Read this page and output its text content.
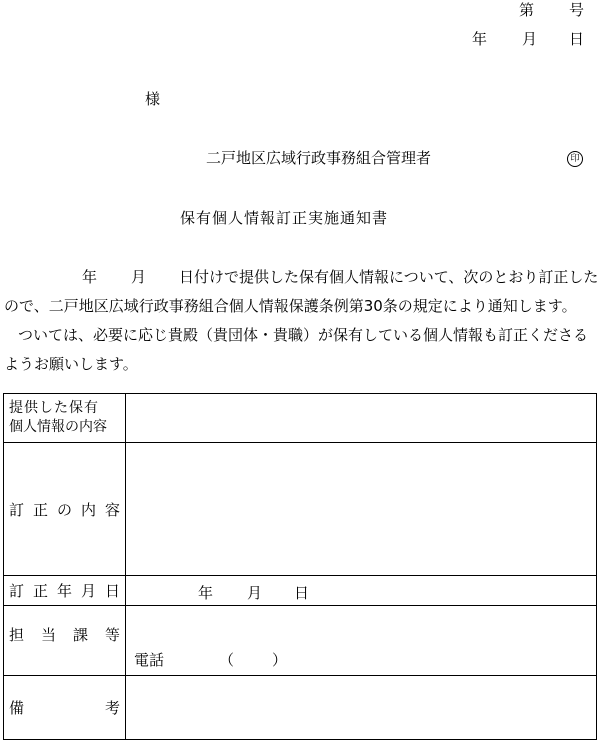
第 号
年 月 日
様
二戸地区広域行政事務組合管理者	印
保有個人情報訂正実施通知書
年 月 日付けで提供した保有個人情報について、次のとおり訂正した
ので、二戸地区広域行政事務組合個人情報保護条例第30条の規定により通知します。
ついては、必要に応じ貴殿（貴団体・貴職）が保有している個人情報も訂正くださる
ようお願いします。
提供した保有
個人情報の内容	

訂 正 の 内 容	

訂 正 年 月 日	年 月 日

担 当 課 等	電話 （ ）

備 考	
